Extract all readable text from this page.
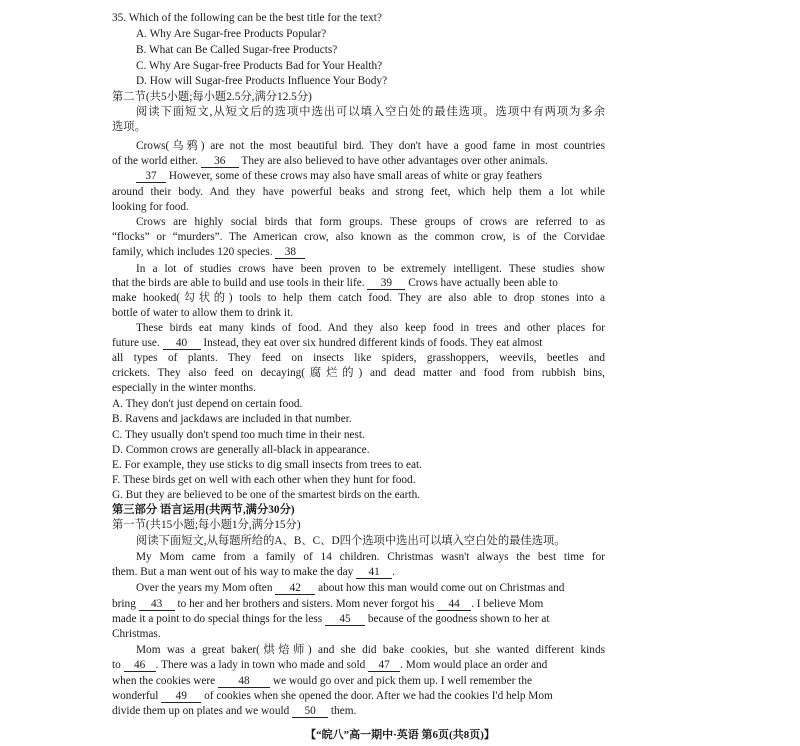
35. Which of the following can be the best title for the text?
A. Why Are Sugar-free Products Popular?
B. What can Be Called Sugar-free Products?
C. Why Are Sugar-free Products Bad for Your Health?
D. How will Sugar-free Products Influence Your Body?
第二节(共5小题;每小题2.5分,满分12.5分)
阅读下面短文,从短文后的选项中选出可以填入空白处的最佳选项。选项中有两项为多余
选项。
Crows(乌鸦) are not the most beautiful bird. They don't have a good fame in most countries
of the world either. 36 They are also believed to have other advantages over other animals.
37 However, some of these crows may also have small areas of white or gray feathers
around their body. And they have powerful beaks and strong feet, which help them a lot while
looking for food.
Crows are highly social birds that form groups. These groups of crows are referred to as
“flocks” or “murders”. The American crow, also known as the common crow, is of the Corvidae
family, which includes 120 species. 38
In a lot of studies crows have been proven to be extremely intelligent. These studies show
that the birds are able to build and use tools in their life. 39 Crows have actually been able to
make hooked(勾状的) tools to help them catch food. They are also able to drop stones into a
bottle of water to allow them to drink it.
These birds eat many kinds of food. And they also keep food in trees and other places for
future use. 40 Instead, they eat over six hundred different kinds of foods. They eat almost
all types of plants. They feed on insects like spiders, grasshoppers, weevils, beetles and
crickets. They also feed on decaying(腐烂的) and dead matter and food from rubbish bins,
especially in the winter months.
A. They don't just depend on certain food.
B. Ravens and jackdaws are included in that number.
C. They usually don't spend too much time in their nest.
D. Common crows are generally all-black in appearance.
E. For example, they use sticks to dig small insects from trees to eat.
F. These birds get on well with each other when they hunt for food.
G. But they are believed to be one of the smartest birds on the earth.
第三部分 语言运用(共两节,满分30分)
第一节(共15小题;每小题1分,满分15分)
阅读下面短文,从每题所给的A、B、C、D四个选项中选出可以填入空白处的最佳选项。
My Mom came from a family of 14 children. Christmas wasn't always the best time for
them. But a man went out of his way to make the day 41 .
Over the years my Mom often 42 about how this man would come out on Christmas and
bring 43 to her and her brothers and sisters. Mom never forgot his 44 . I believe Mom
made it a point to do special things for the less 45 because of the goodness shown to her at
Christmas.
Mom was a great baker(烘焙师) and she did bake cookies, but she wanted different kinds
to 46 . There was a lady in town who made and sold 47 . Mom would place an order and
when the cookies were 48 we would go over and pick them up. I well remember the
wonderful 49 of cookies when she opened the door. After we had the cookies I'd help Mom
divide them up on plates and we would 50 them.
【“皖八”高一期中·英语 第6页(共8页)】
